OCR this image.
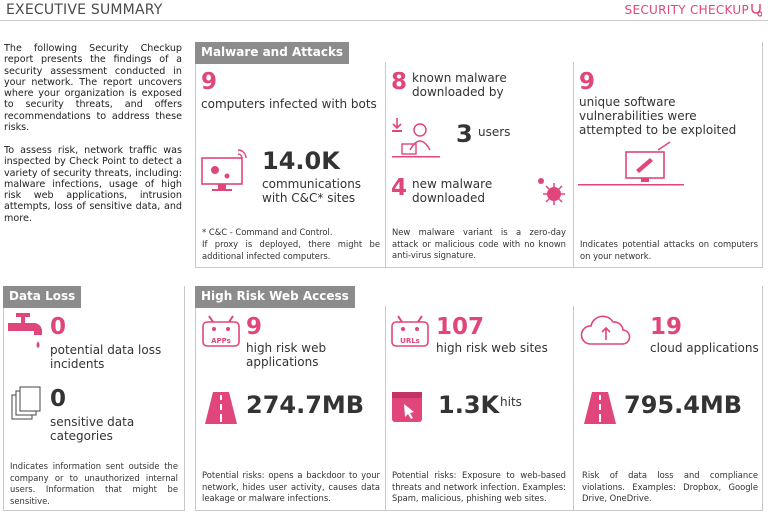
EXECUTIVE SUMMARY	SECURITY CHECKUP
The following Security Checkup report presents the findings of a security assessment conducted in your network. The report uncovers where your organization is exposed to security threats, and offers recommendations to address these risks.
To assess risk, network traffic was inspected by Check Point to detect a variety of security threats, including: malware infections, usage of high risk web applications, intrusion attempts, loss of sensitive data, and more.
Malware and Attacks
9
computers infected with bots
14.0K
communications with C&C* sites
* C&C - Command and Control.
If proxy is deployed, there might be additional infected computers.
8 known malware downloaded by
3 users
4 new malware downloaded
New malware variant is a zero-day attack or malicious code with no known anti-virus signature.
9
unique software vulnerabilities were attempted to be exploited
Indicates potential attacks on computers on your network.
Data Loss
0
potential data loss incidents
0
sensitive data categories
Indicates information sent outside the company or to unauthorized internal users. Information that might be sensitive.
High Risk Web Access
APPs
9
high risk web applications
274.7MB
Potential risks: opens a backdoor to your network, hides user activity, causes data leakage or malware infections.
URLs
107
high risk web sites
1.3K hits
Potential risks: Exposure to web-based threats and network infection. Examples: Spam, malicious, phishing web sites.
19
cloud applications
795.4MB
Risk of data loss and compliance violations. Examples: Dropbox, Google Drive, OneDrive.
